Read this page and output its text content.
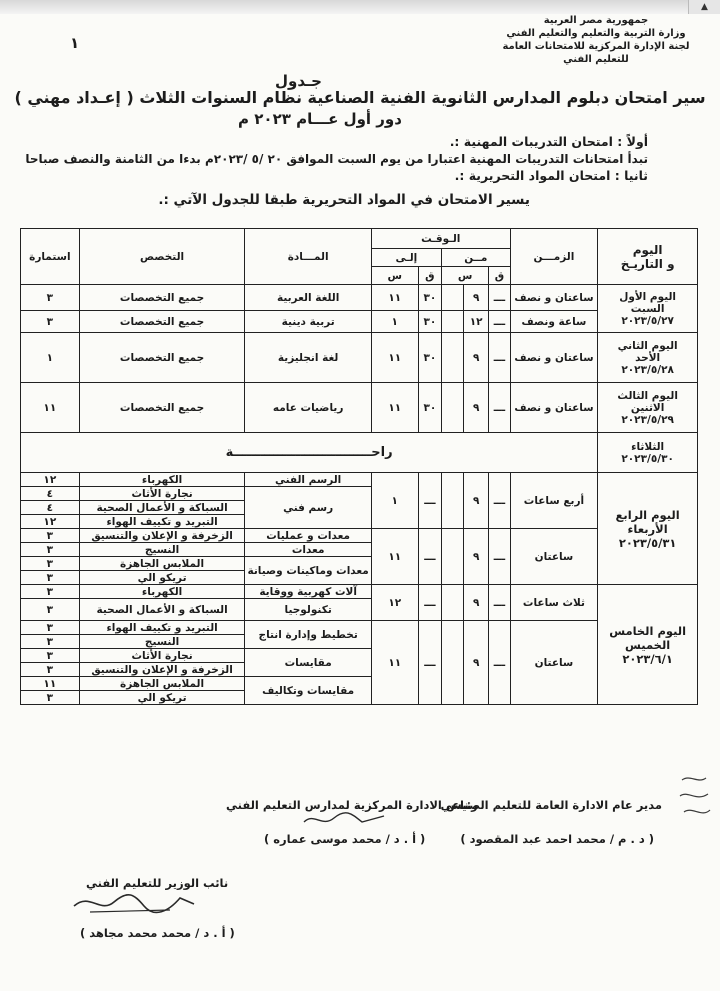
▲
جمهورية مصر العربية
وزارة التربية والتعليم والتعليم الفني
لجنة الإدارة المركزية للامتحانات العامة للتعليم الفني
١
جـدول
سير امتحان دبلوم المدارس الثانوية الفنية الصناعية نظام السنوات الثلاث ( إعـداد مهني )
دور أول عـــام ٢٠٢٣ م
أولاً : امتحان التدريبات المهنية :.
تبدأ امتحانات التدريبات المهنية اعتبارا من يوم السبت الموافق ٢٠ /٥ /٢٠٢٣م بدءا من الثامنة والنصف صباحا
ثانيا : امتحان المواد التحريرية :.
يسير الامتحان في المواد التحريرية طبقا للجدول الآتي :.
اليوم
و التاريـخ	الزمـــن	الـوقـت					المـــادة	التخصص	استمارة
		مــن			إلـى				
		ق	س		ق	س			
اليوم الأول
السبت
٢٠٢٣/٥/٢٧	ساعتان و نصف	ـــ	٩		٣٠	١١	اللغة العربية	جميع التخصصات	٣
	ساعة ونصف	ـــ	١٢		٣٠	١	تربية دينية	جميع التخصصات	٣
اليوم الثاني
الأحد
٢٠٢٣/٥/٢٨	ساعتان و نصف	ـــ	٩		٣٠	١١	لغة انجليزية	جميع التخصصات	١
اليوم الثالث
الاثنين
٢٠٢٣/٥/٢٩	ساعتان و نصف	ـــ	٩		٣٠	١١	رياضيات عامه	جميع التخصصات	١١
الثلاثاء
٢٠٢٣/٥/٣٠	راحـــــــــــــــــــــــــــــــة								
اليوم الرابع
الأربعاء
٢٠٢٣/٥/٣١	أربع ساعات	ـــ	٩		ـــ	١	الرسم الفني	الكهرباء	١٢
							رسم فني	نجارة الأثاث	٤
								السباكة و الأعمال الصحية	٤
								التبريد و تكييف الهواء	١٢
	ساعتان	ـــ	٩		ـــ	١١	معدات و عمليات	الزخرفة و الإعلان والتنسيق	٣
							معدات	النسيج	٣
							معدات وماكينات وصيانة	الملابس الجاهزة	٣
								تريكو الي	٣
اليوم الخامس
الخميس
٢٠٢٣/٦/١	ثلاث ساعات	ـــ	٩		ـــ	١٢	آلات كهربية ووقاية	الكهرباء	٣
							تكنولوجيا	السباكة و الأعمال الصحية	٣
	ساعتان	ـــ	٩		ـــ	١١	تخطيط وإدارة انتاج	التبريد و تكييف الهواء	٣
								النسيج	٣
							مقايسات	نجارة الأثاث	٣
								الزخرفة و الإعلان والتنسيق	٣
							مقايسات وتكاليف	الملابس الجاهزة	١١
								تريكو الي	٣
مدير عام الادارة العامة للتعليم الصناعي
( د . م / محمد احمد عبد المقصود )
رئيس الادارة المركزية لمدارس التعليم الفني
( أ . د / محمد موسى عماره )
نائب الوزير للتعليم الفني
( أ . د / محمد محمد مجاهد )
